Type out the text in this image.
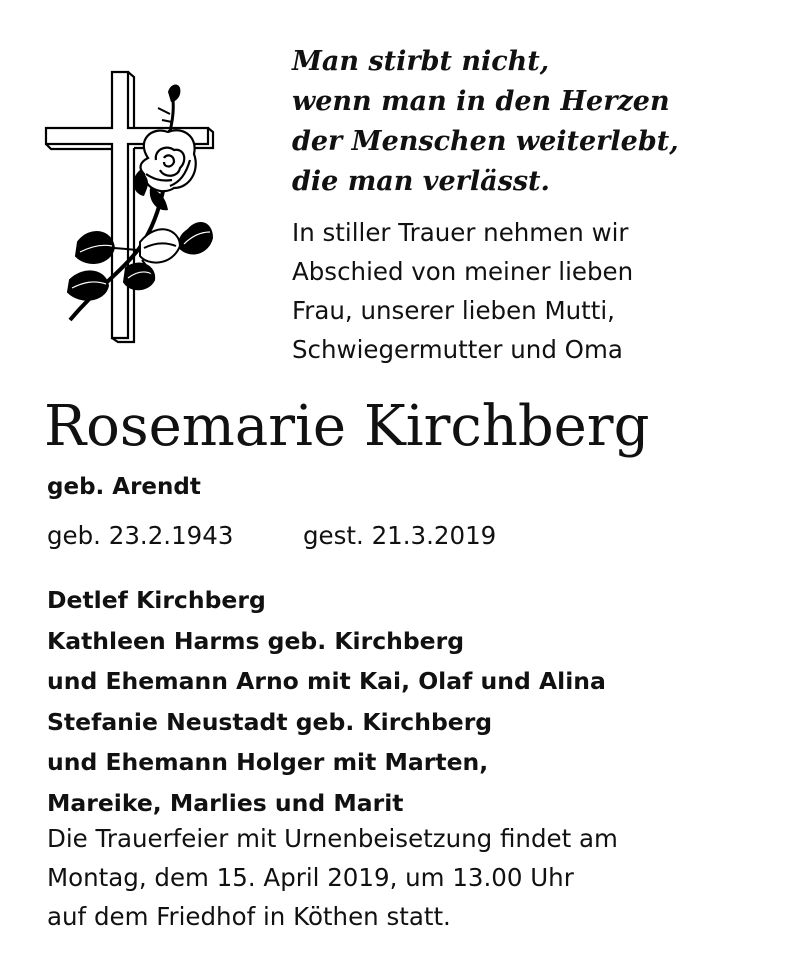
Man stirbt nicht,
wenn man in den Herzen
der Menschen weiterlebt,
die man verlässt.
In stiller Trauer nehmen wir
Abschied von meiner lieben
Frau, unserer lieben Mutti,
Schwiegermutter und Oma
Rosemarie Kirchberg
geb. Arendt
geb. 23.2.1943	gest. 21.3.2019
Detlef Kirchberg
Kathleen Harms geb. Kirchberg
und Ehemann Arno mit Kai, Olaf und Alina
Stefanie Neustadt geb. Kirchberg
und Ehemann Holger mit Marten,
Mareike, Marlies und Marit
Die Trauerfeier mit Urnenbeisetzung findet am
Montag, dem 15. April 2019, um 13.00 Uhr
auf dem Friedhof in Köthen statt.
